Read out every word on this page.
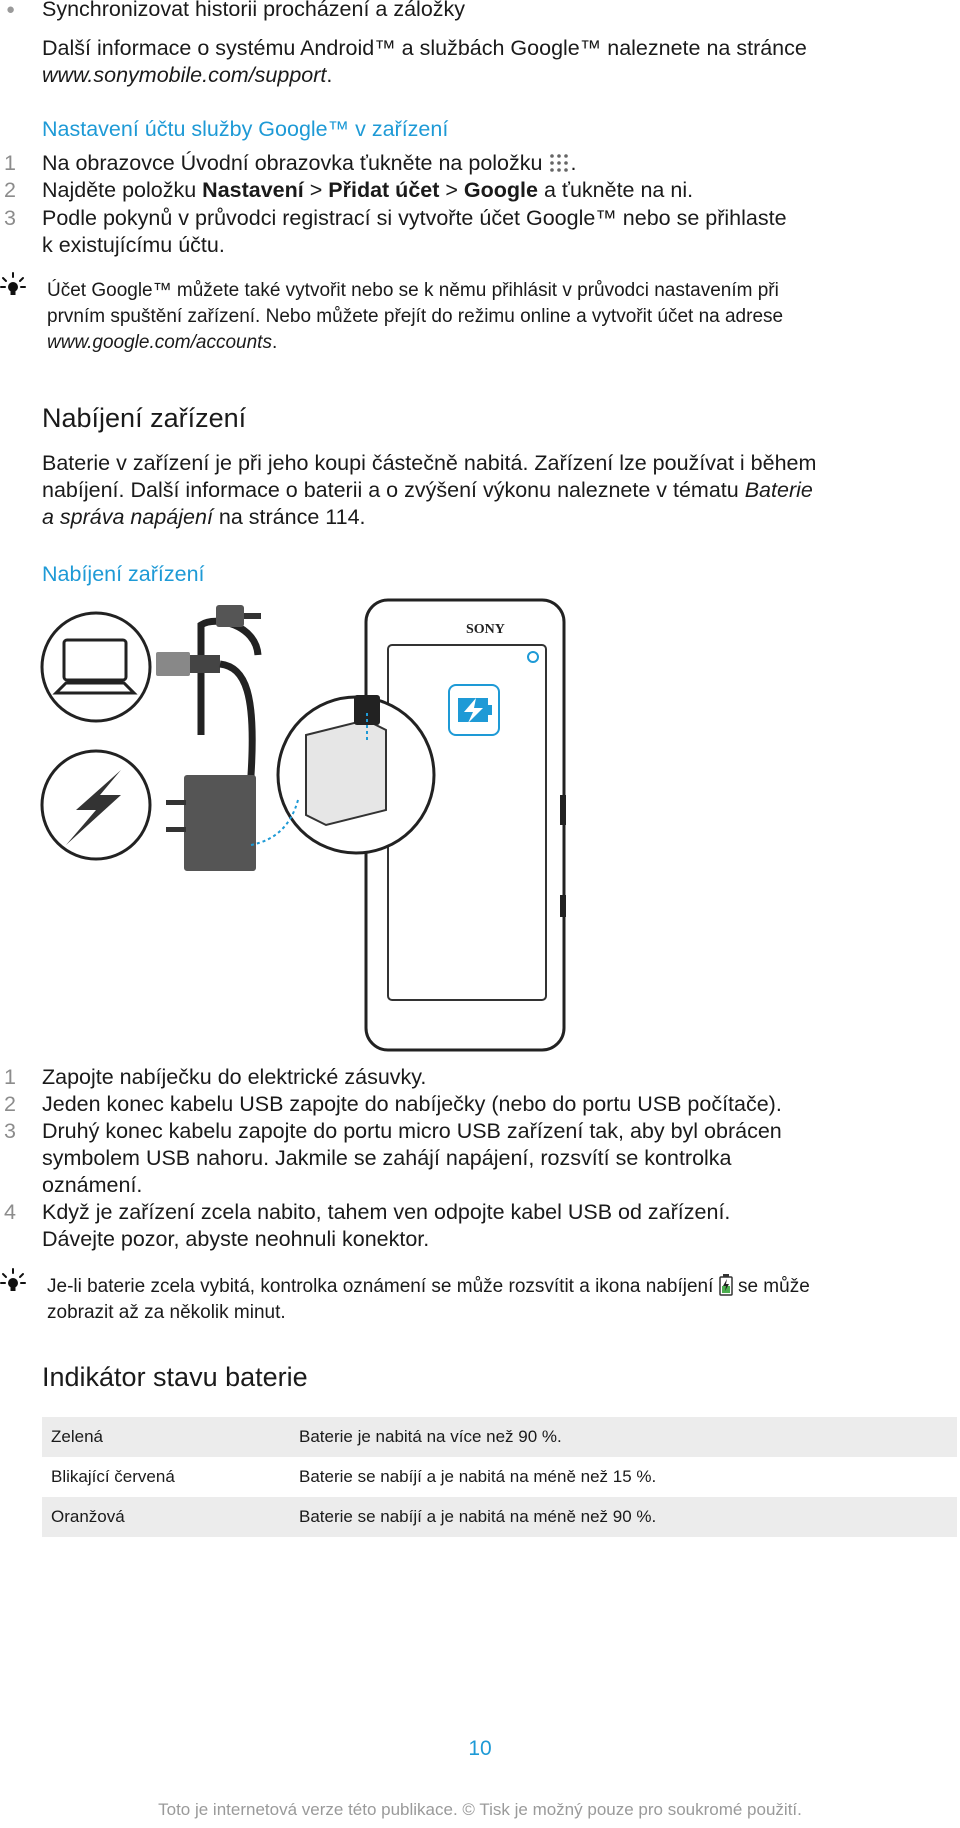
● Synchronizovat historii procházení a záložky
Další informace o systému Android™ a službách Google™ naleznete na stránce
www.sonymobile.com/support.
Nastavení účtu služby Google™ v zařízení
1	Na obrazovce Úvodní obrazovka ťukněte na položku .
2	Najděte položku Nastavení > Přidat účet > Google a ťukněte na ni.
3	Podle pokynů v průvodci registrací si vytvořte účet Google™ nebo se přihlaste
k existujícímu účtu.
Účet Google™ můžete také vytvořit nebo se k němu přihlásit v průvodci nastavením při
prvním spuštění zařízení. Nebo můžete přejít do režimu online a vytvořit účet na adrese
www.google.com/accounts.
Nabíjení zařízení
Baterie v zařízení je při jeho koupi částečně nabitá. Zařízení lze používat i během
nabíjení. Další informace o baterii a o zvýšení výkonu naleznete v tématu Baterie
a správa napájení na stránce 114.
Nabíjení zařízení
SONY
1	Zapojte nabíječku do elektrické zásuvky.
2	Jeden konec kabelu USB zapojte do nabíječky (nebo do portu USB počítače).
3	Druhý konec kabelu zapojte do portu micro USB zařízení tak, aby byl obrácen
symbolem USB nahoru. Jakmile se zahájí napájení, rozsvítí se kontrolka
oznámení.
4	Když je zařízení zcela nabito, tahem ven odpojte kabel USB od zařízení.
Dávejte pozor, abyste neohnuli konektor.
Je-li baterie zcela vybitá, kontrolka oznámení se může rozsvítit a ikona nabíjení  se může
zobrazit až za několik minut.
Indikátor stavu baterie
Zelená	Baterie je nabitá na více než 90 %.
Blikající červená	Baterie se nabíjí a je nabitá na méně než 15 %.
Oranžová	Baterie se nabíjí a je nabitá na méně než 90 %.
10
Toto je internetová verze této publikace. © Tisk je možný pouze pro soukromé použití.
